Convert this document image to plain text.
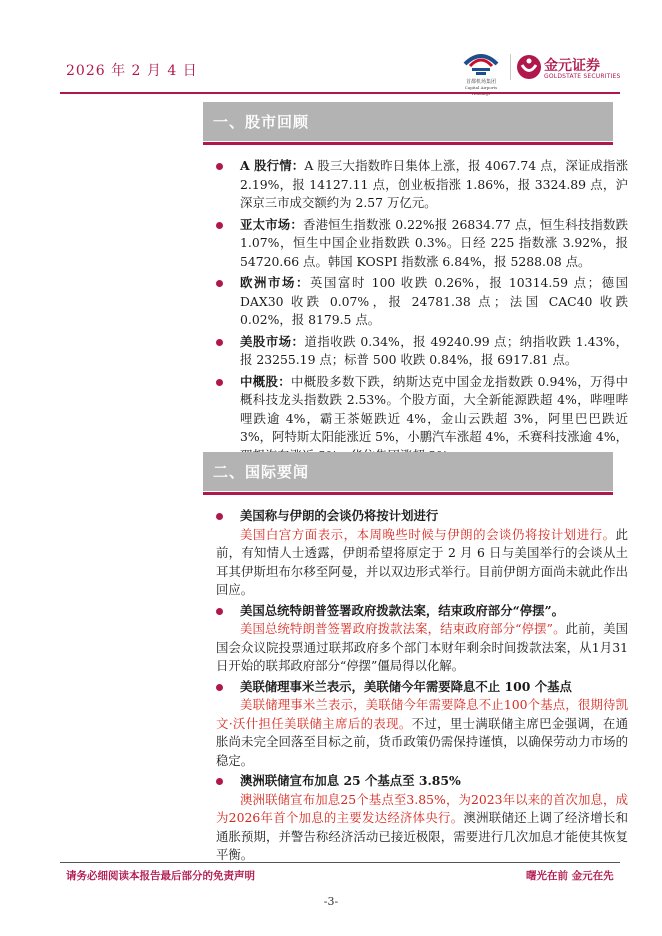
2026 年 2 月 4 日
首都机场集团
Capital Airports
金元证券
GOLDSTATE SECURITIES
一、股市回顾
A 股行情：A 股三大指数昨日集体上涨，报 4067.74 点，深证成指涨 2.19%，报 14127.11 点，创业板指涨 1.86%，报 3324.89 点，沪深京三市成交额约为 2.57 万亿元。
亚太市场：香港恒生指数涨 0.22%报 26834.77 点，恒生科技指数跌 1.07%，恒生中国企业指数跌 0.3%。日经 225 指数涨 3.92%，报 54720.66 点。韩国 KOSPI 指数涨 6.84%，报 5288.08 点。
欧洲市场：英国富时 100 收跌 0.26%，报 10314.59 点；德国 DAX30 收跌 0.07%，报 24781.38 点；法国 CAC40 收跌 0.02%，报 8179.5 点。
美股市场：道指收跌 0.34%，报 49240.99 点；纳指收跌 1.43%，报 23255.19 点；标普 500 收跌 0.84%，报 6917.81 点。
中概股：中概股多数下跌，纳斯达克中国金龙指数跌 0.94%，万得中概科技龙头指数跌 2.53%。个股方面，大全新能源跌超 4%，哔哩哔哩跌逾 4%，霸王茶姬跌近 4%，金山云跌超 3%，阿里巴巴跌近 3%，阿特斯太阳能涨近 5%，小鹏汽车涨超 4%，禾赛科技涨逾 4%，
二、国际要闻
美国称与伊朗的会谈仍将按计划进行
美国白宫方面表示，本周晚些时候与伊朗的会谈仍将按计划进行。此前，有知情人士透露，伊朗希望将原定于 2 月 6 日与美国举行的会谈从土耳其伊斯坦布尔移至阿曼，并以双边形式举行。目前伊朗方面尚未就此作出回应。
美国总统特朗普签署政府拨款法案，结束政府部分“停摆”。
美国总统特朗普签署政府拨款法案，结束政府部分“停摆”。此前，美国国会众议院投票通过联邦政府多个部门本财年剩余时间拨款法案，从1月31日开始的联邦政府部分“停摆”僵局得以化解。
美联储理事米兰表示，美联储今年需要降息不止 100 个基点
美联储理事米兰表示，美联储今年需要降息不止100个基点，很期待凯文·沃什担任美联储主席后的表现。不过，里士满联储主席巴金强调，在通胀尚未完全回落至目标之前，货币政策仍需保持谨慎，以确保劳动力市场的稳定。
澳洲联储宣布加息 25 个基点至 3.85%
澳洲联储宣布加息25个基点至3.85%，为2023年以来的首次加息，成为2026年首个加息的主要发达经济体央行。澳洲联储还上调了经济增长和通胀预期，并警告称经济活动已接近极限，需要进行几次加息才能使其恢复平衡。
请务必细阅读本报告最后部分的免责声明	曙光在前 金元在先
-3-
